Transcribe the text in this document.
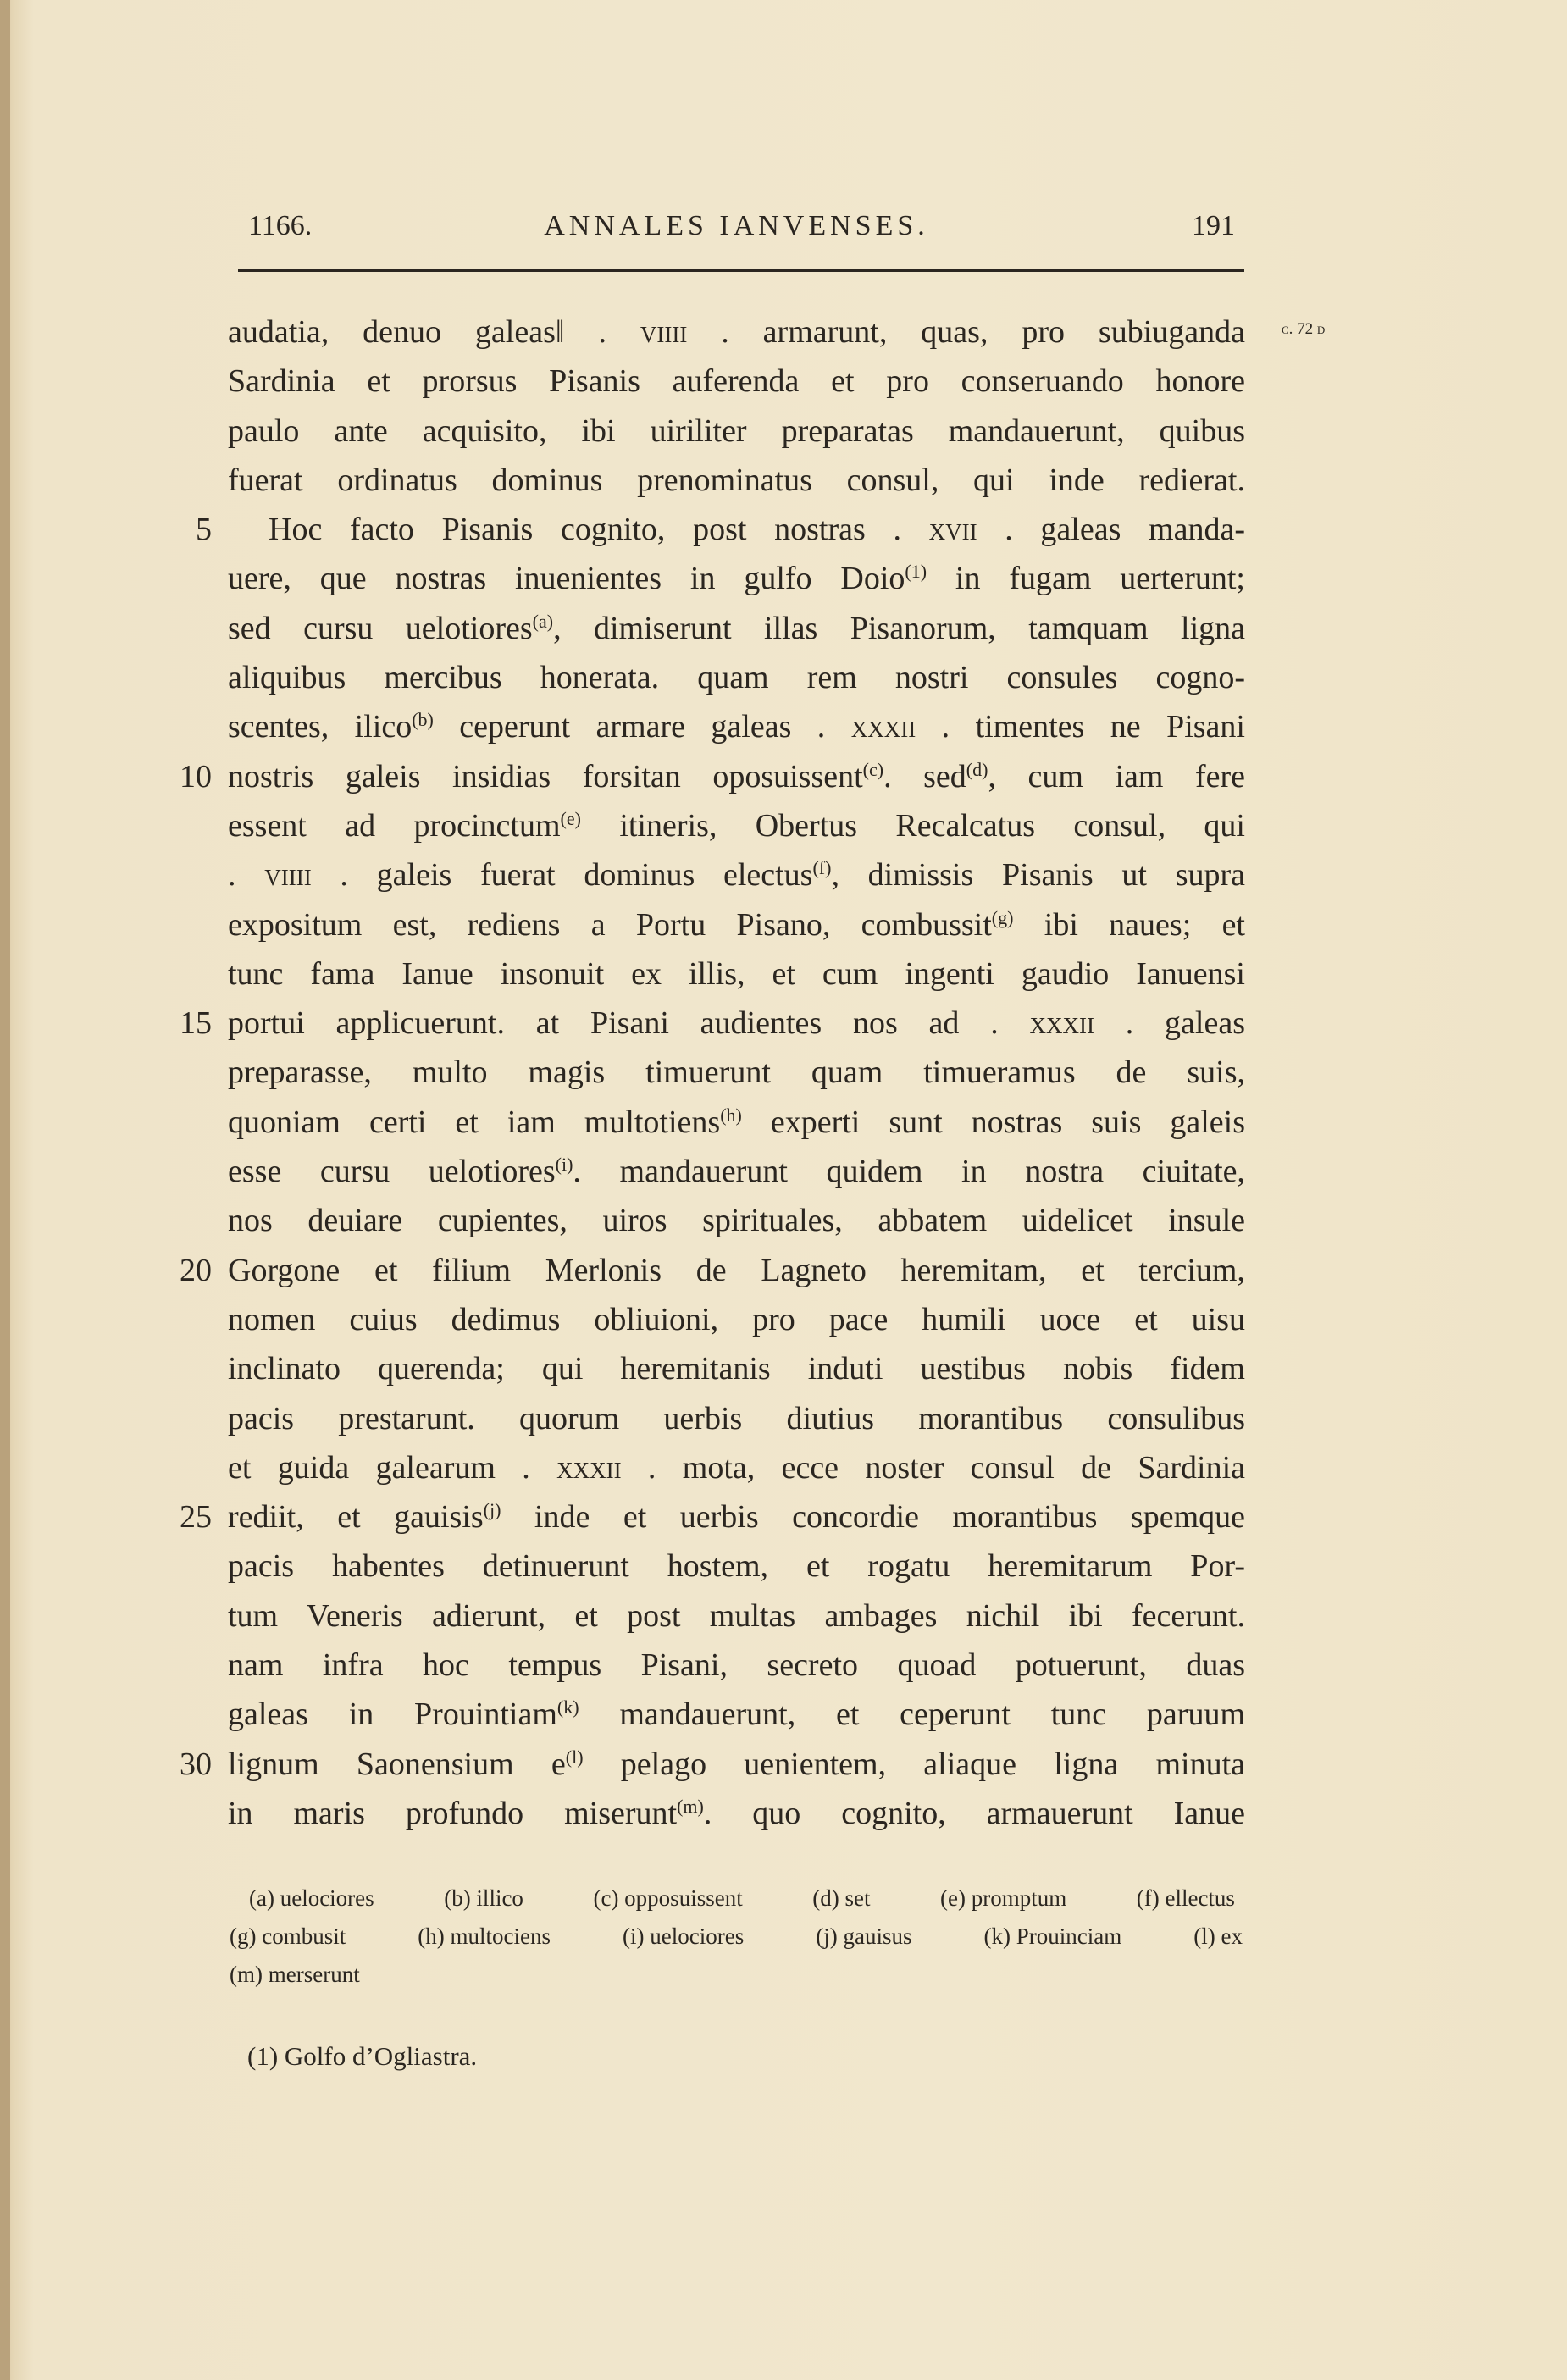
ANNALES IANVENSES.
1166.	191
c. 72 d
5
10
15
20
25
30
audatia, denuo galeas‖ . viiii . armarunt, quas, pro subiuganda
Sardinia et prorsus Pisanis auferenda et pro conseruando honore
paulo ante acquisito, ibi uiriliter preparatas mandauerunt, quibus
fuerat ordinatus dominus prenominatus consul, qui inde redierat.
Hoc facto Pisanis cognito, post nostras . xvii . galeas manda-
uere, que nostras inuenientes in gulfo Doio$^{(1)}$ in fugam uerterunt;
sed cursu uelotiores$^{(a)}$, dimiserunt illas Pisanorum, tamquam ligna
aliquibus mercibus honerata. quam rem nostri consules cogno-
scentes, ilico$^{(b)}$ ceperunt armare galeas . xxxii . timentes ne Pisani
nostris galeis insidias forsitan oposuissent$^{(c)}$. sed$^{(d)}$, cum iam fere
essent ad procinctum$^{(e)}$ itineris, Obertus Recalcatus consul, qui
. viiii . galeis fuerat dominus electus$^{(f)}$, dimissis Pisanis ut supra
expositum est, rediens a Portu Pisano, combussit$^{(g)}$ ibi naues; et
tunc fama Ianue insonuit ex illis, et cum ingenti gaudio Ianuensi
portui applicuerunt. at Pisani audientes nos ad . xxxii . galeas
preparasse, multo magis timuerunt quam timueramus de suis,
quoniam certi et iam multotiens$^{(h)}$ experti sunt nostras suis galeis
esse cursu uelotiores$^{(i)}$. mandauerunt quidem in nostra ciuitate,
nos deuiare cupientes, uiros spirituales, abbatem uidelicet insule
Gorgone et filium Merlonis de Lagneto heremitam, et tercium,
nomen cuius dedimus obliuioni, pro pace humili uoce et uisu
inclinato querenda; qui heremitanis induti uestibus nobis fidem
pacis prestarunt. quorum uerbis diutius morantibus consulibus
et guida galearum . xxxii . mota, ecce noster consul de Sardinia
rediit, et gauisis$^{(j)}$ inde et uerbis concordie morantibus spemque
pacis habentes detinuerunt hostem, et rogatu heremitarum Por-
tum Veneris adierunt, et post multas ambages nichil ibi fecerunt.
nam infra hoc tempus Pisani, secreto quoad potuerunt, duas
galeas in Prouintiam$^{(k)}$ mandauerunt, et ceperunt tunc paruum
lignum Saonensium $e^{(l)}$ pelago uenientem, aliaque ligna minuta
in maris profundo miserunt$^{(m)}$. quo cognito, armauerunt Ianue
(a) uelociores	(b) illico	(c) opposuissent	(d) set	(e) promptum	(f) ellectus
(g) combusit	(h) multociens	(i) uelociores	(j) gauisus	(k) Prouinciam	(l) ex
(m) merserunt
(1) Golfo d’Ogliastra.
